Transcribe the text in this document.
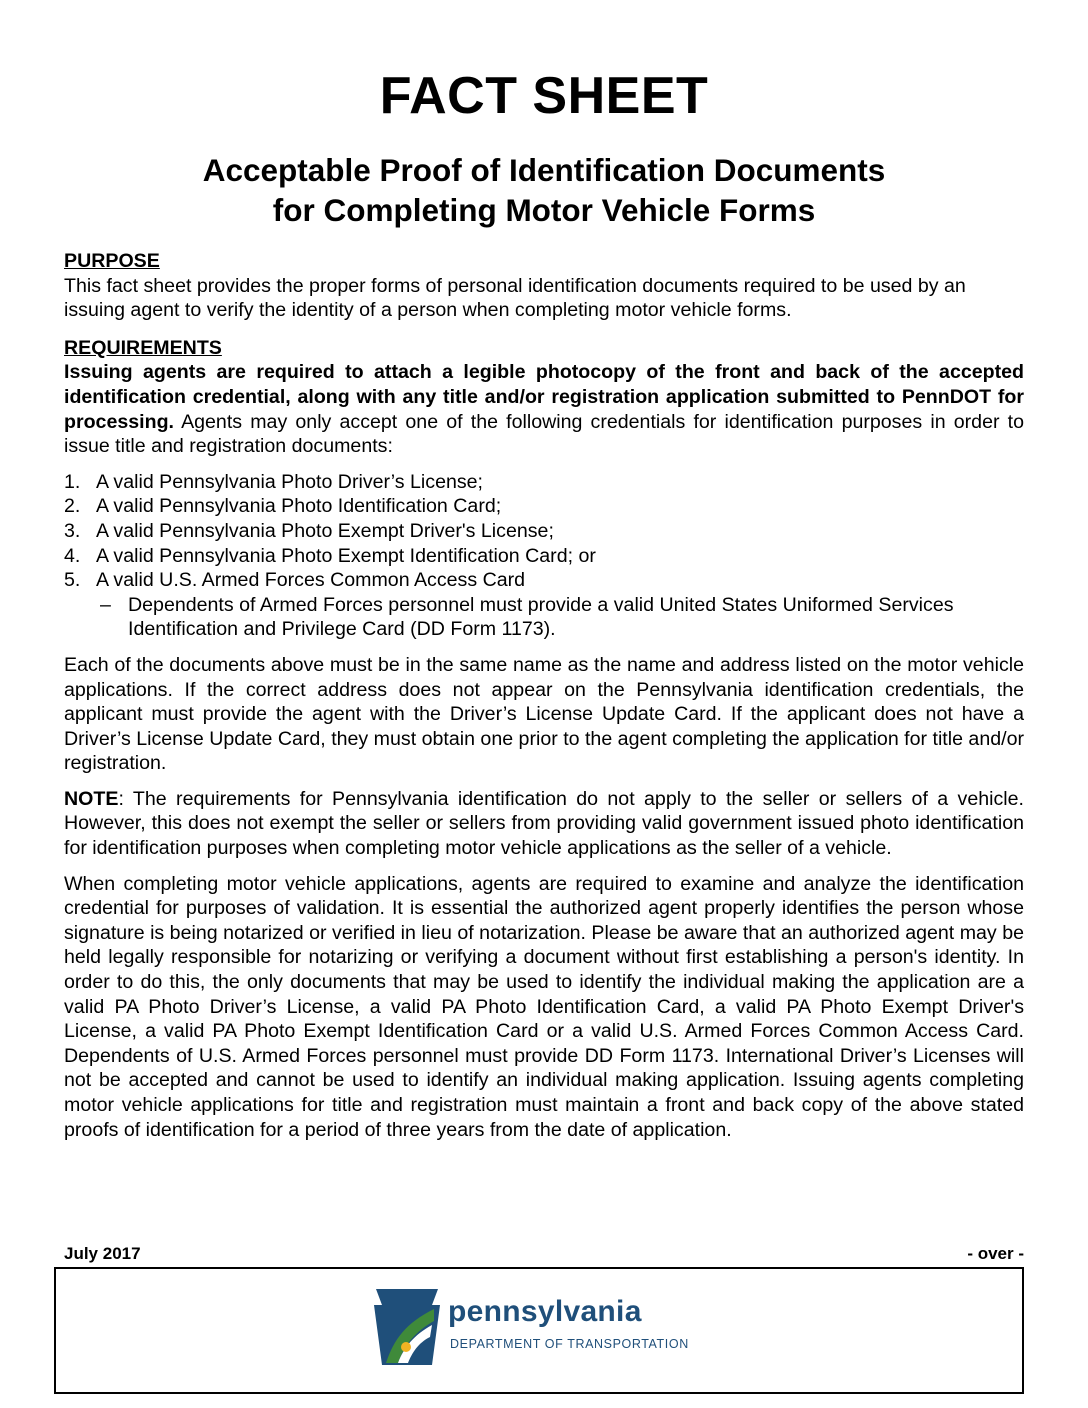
FACT SHEET
Acceptable Proof of Identification Documents
for Completing Motor Vehicle Forms

PURPOSE

This fact sheet provides the proper forms of personal identification documents required to be used by an issuing agent to verify the identity of a person when completing motor vehicle forms.

REQUIREMENTS

Issuing agents are required to attach a legible photocopy of the front and back of the accepted identification credential, along with any title and/or registration application submitted to PennDOT for processing. Agents may only accept one of the following credentials for identification purposes in order to issue title and registration documents:

1. A valid Pennsylvania Photo Driver’s License;
2. A valid Pennsylvania Photo Identification Card;
3. A valid Pennsylvania Photo Exempt Driver's License;
4. A valid Pennsylvania Photo Exempt Identification Card; or
5. A valid U.S. Armed Forces Common Access Card
– Dependents of Armed Forces personnel must provide a valid United States Uniformed Services Identification and Privilege Card (DD Form 1173).

Each of the documents above must be in the same name as the name and address listed on the motor vehicle applications. If the correct address does not appear on the Pennsylvania identification credentials, the applicant must provide the agent with the Driver’s License Update Card. If the applicant does not have a Driver’s License Update Card, they must obtain one prior to the agent completing the application for title and/or registration.

NOTE: The requirements for Pennsylvania identification do not apply to the seller or sellers of a vehicle. However, this does not exempt the seller or sellers from providing valid government issued photo identification for identification purposes when completing motor vehicle applications as the seller of a vehicle.

When completing motor vehicle applications, agents are required to examine and analyze the identification credential for purposes of validation. It is essential the authorized agent properly identifies the person whose signature is being notarized or verified in lieu of notarization. Please be aware that an authorized agent may be held legally responsible for notarizing or verifying a document without first establishing a person's identity. In order to do this, the only documents that may be used to identify the individual making the application are a valid PA Photo Driver’s License, a valid PA Photo Identification Card, a valid PA Photo Exempt Driver's License, a valid PA Photo Exempt Identification Card or a valid U.S. Armed Forces Common Access Card. Dependents of U.S. Armed Forces personnel must provide DD Form 1173. International Driver’s Licenses will not be accepted and cannot be used to identify an individual making application. Issuing agents completing motor vehicle applications for title and registration must maintain a front and back copy of the above stated proofs of identification for a period of three years from the date of application.

July 2017	- over -
pennsylvania
DEPARTMENT OF TRANSPORTATION
